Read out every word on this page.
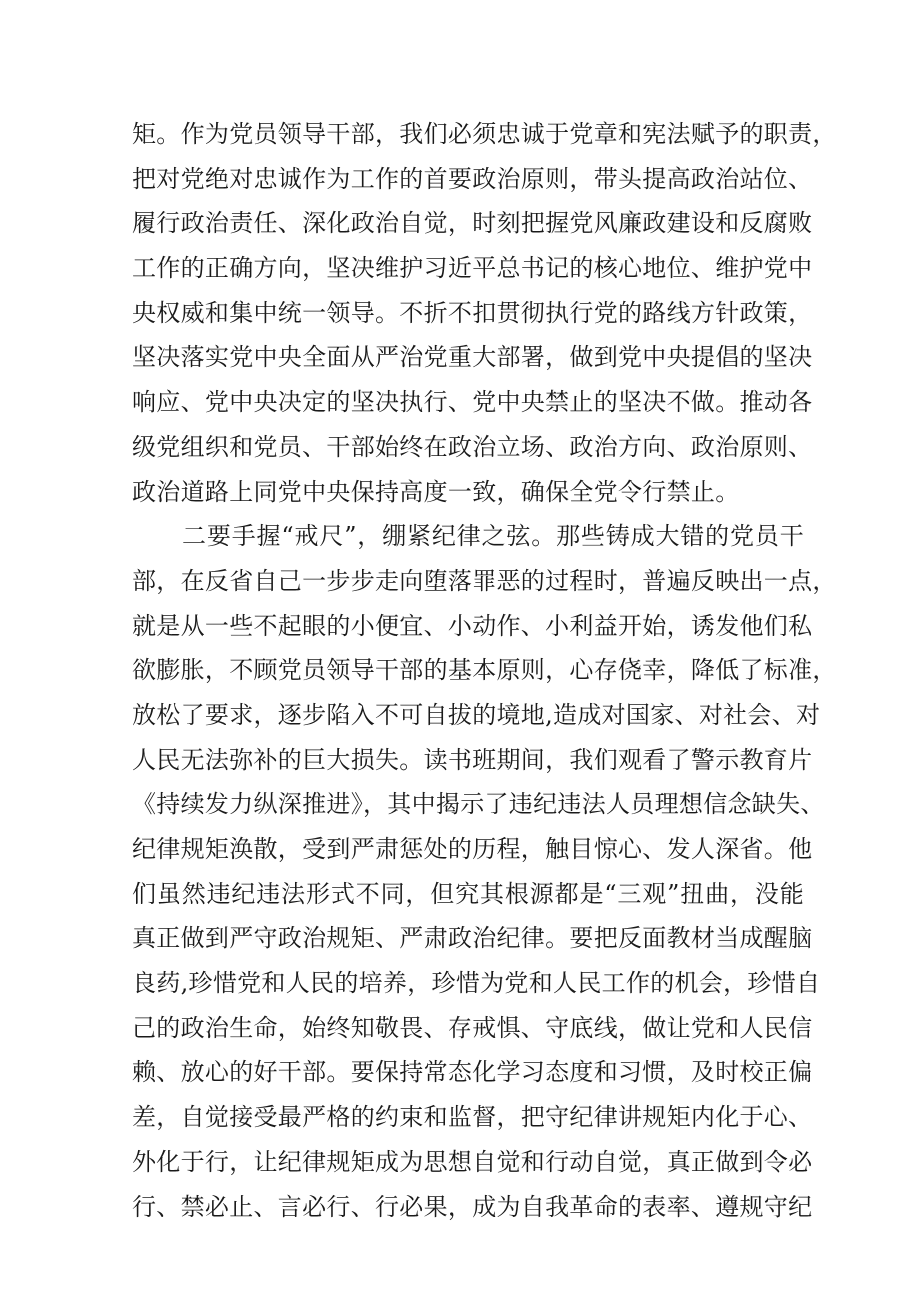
矩。作为党员领导干部，我们必须忠诚于党章和宪法赋予的职责，
把对党绝对忠诚作为工作的首要政治原则，带头提高政治站位、
履行政治责任、深化政治自觉，时刻把握党风廉政建设和反腐败
工作的正确方向，坚决维护习近平总书记的核心地位、维护党中
央权威和集中统一领导。不折不扣贯彻执行党的路线方针政策，
坚决落实党中央全面从严治党重大部署，做到党中央提倡的坚决
响应、党中央决定的坚决执行、党中央禁止的坚决不做。推动各
级党组织和党员、干部始终在政治立场、政治方向、政治原则、
政治道路上同党中央保持高度一致，确保全党令行禁止。
二要手握“戒尺”，绷紧纪律之弦。那些铸成大错的党员干
部，在反省自己一步步走向堕落罪恶的过程时，普遍反映出一点，
就是从一些不起眼的小便宜、小动作、小利益开始，诱发他们私
欲膨胀，不顾党员领导干部的基本原则，心存侥幸，降低了标准，
放松了要求，逐步陷入不可自拔的境地,造成对国家、对社会、对
人民无法弥补的巨大损失。读书班期间，我们观看了警示教育片
《持续发力纵深推进》，其中揭示了违纪违法人员理想信念缺失、
纪律规矩涣散，受到严肃惩处的历程，触目惊心、发人深省。他
们虽然违纪违法形式不同，但究其根源都是“三观”扭曲，没能
真正做到严守政治规矩、严肃政治纪律。要把反面教材当成醒脑
良药,珍惜党和人民的培养，珍惜为党和人民工作的机会，珍惜自
己的政治生命，始终知敬畏、存戒惧、守底线，做让党和人民信
赖、放心的好干部。要保持常态化学习态度和习惯，及时校正偏
差，自觉接受最严格的约束和监督，把守纪律讲规矩内化于心、
外化于行，让纪律规矩成为思想自觉和行动自觉，真正做到令必
行、禁必止、言必行、行必果，成为自我革命的表率、遵规守纪
